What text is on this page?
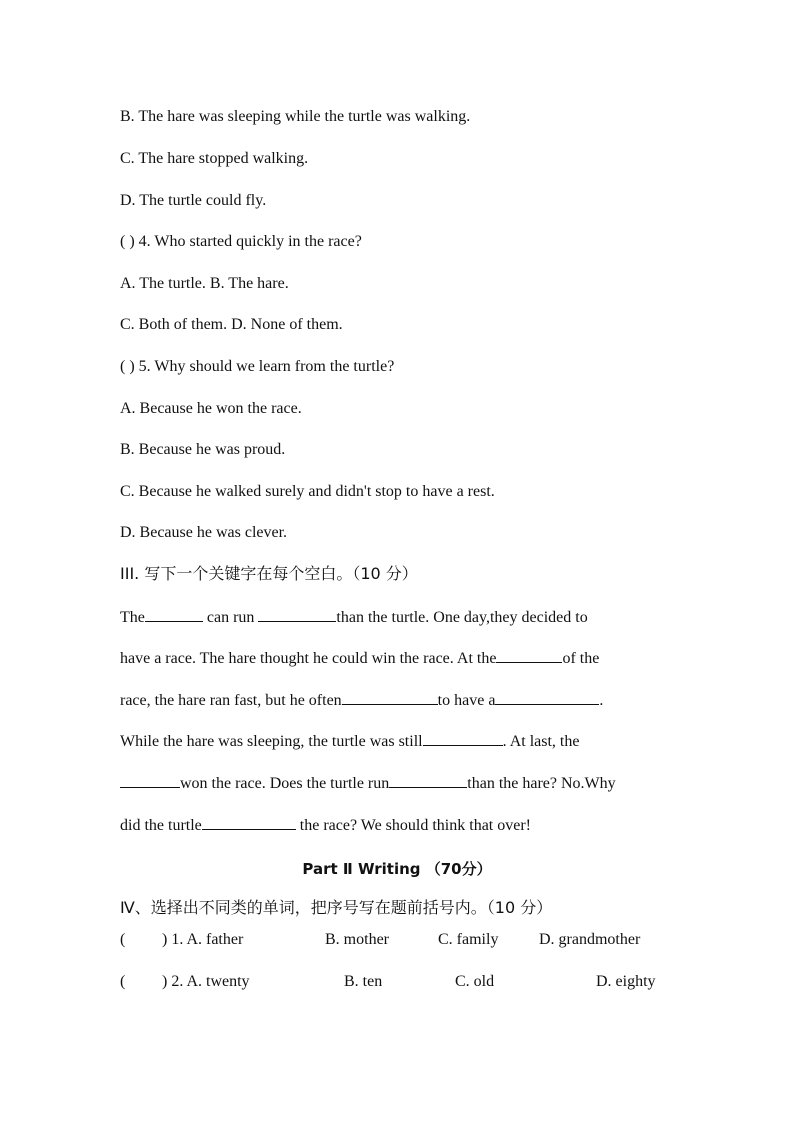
B. The hare was sleeping while the turtle was walking.
C. The hare stopped walking.
D. The turtle could fly.
( ) 4. Who started quickly in the race?
A. The turtle. B. The hare.
C. Both of them. D. None of them.
( ) 5. Why should we learn from the turtle?
A. Because he won the race.
B. Because he was proud.
C. Because he walked surely and didn't stop to have a rest.
D. Because he was clever.
III. 写下一个关键字在每个空白。（10 分）
The	can run	than the turtle. One day,they decided to
have a race. The hare thought he could win the race. At the	of the
race, the hare ran fast, but he often	to have a	.
While the hare was sleeping, the turtle was still	. At last, the
won the race. Does the turtle run	than the hare? No.Why
did the turtle	the race? We should think that over!
Part Ⅱ Writing （70分）
Ⅳ、选择出不同类的单词，把序号写在题前括号内。（10 分）
( ) 1. A. father	B. mother	C. family	D. grandmother
( ) 2. A. twenty	B. ten	C. old	D. eighty
